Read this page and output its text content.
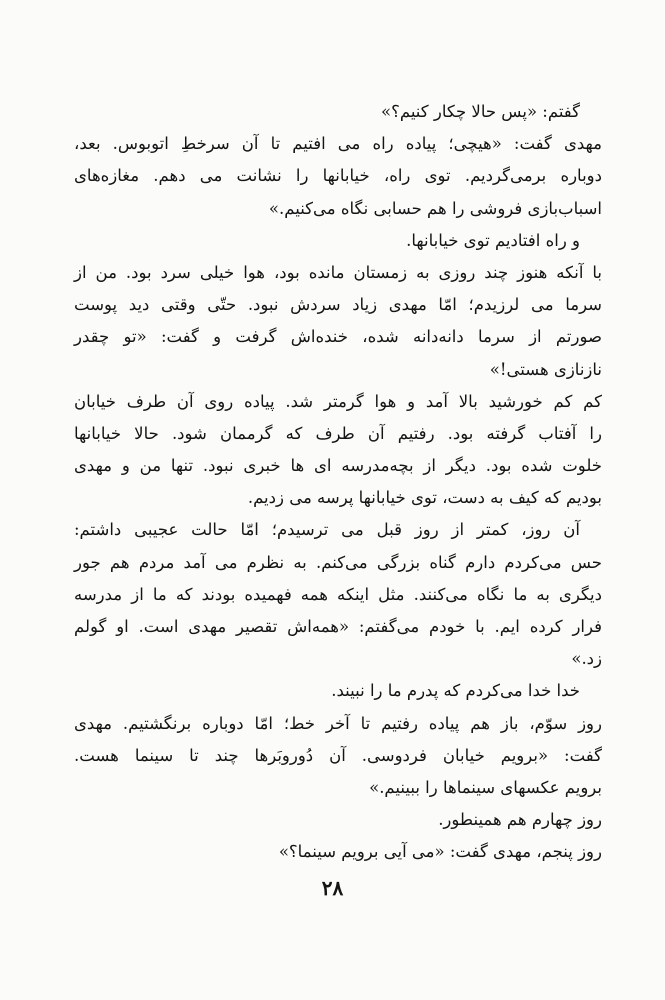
گفتم: «پس حالا چکار کنیم؟»
مهدی گفت: «هیچی؛ پیاده راه می افتیم تا آن سرخطِ اتوبوس. بعد،
دوباره برمی‌گردیم. توی راه، خیابانها را نشانت می دهم. مغازه‌های
اسباب‌بازی فروشی را هم حسابی نگاه می‌کنیم.»
و راه افتادیم توی خیابانها.
با آنکه هنوز چند روزی به زمستان مانده بود، هوا خیلی سرد بود. من از
سرما می لرزیدم؛ امّا مهدی زیاد سردش نبود. حتّی وقتی دید پوست
صورتم از سرما دانه‌دانه شده، خنده‌اش گرفت و گفت: «تو چقدر
نازنازی هستی!»
کم کم خورشید بالا آمد و هوا گرمتر شد. پیاده روی آن طرف خیابان
را آفتاب گرفته بود. رفتیم آن طرف که گرممان شود. حالا خیابانها
خلوت شده بود. دیگر از بچه‌مدرسه ای ها خبری نبود. تنها من و مهدی
بودیم که کیف به دست، توی خیابانها پرسه می زدیم.
آن روز، کمتر از روز قبل می ترسیدم؛ امّا حالت عجیبی داشتم:
حس می‌کردم دارم گناه بزرگی می‌کنم. به نظرم می آمد مردم هم جور
دیگری به ما نگاه می‌کنند. مثل اینکه همه فهمیده بودند که ما از مدرسه
فرار کرده ایم. با خودم می‌گفتم: «همه‌اش تقصیر مهدی است. او گولم
زد.»
خدا خدا می‌کردم که پدرم ما را نبیند.
روز سوّم، باز هم پیاده رفتیم تا آخر خط؛ امّا دوباره برنگشتیم. مهدی
گفت: «برویم خیابان فردوسی. آن دُوروبَرها چند تا سینما هست.
برویم عکسهای سینماها را ببینیم.»
روز چهارم هم همینطور.
روز پنجم، مهدی گفت: «می آیی برویم سینما؟»
۲۸
